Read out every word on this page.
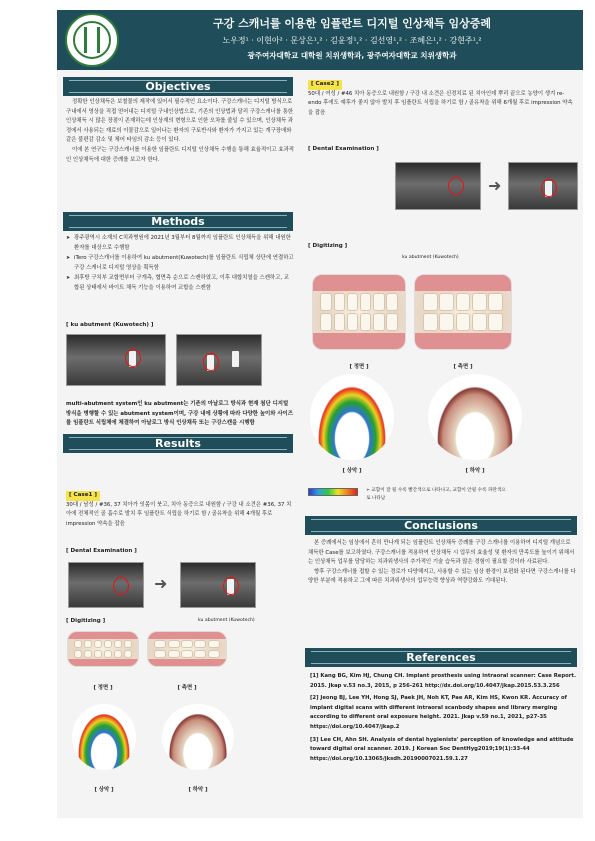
구강 스캐너를 이용한 임플란트 디지털 인상채득 임상증례
노우정¹ · 이현아² · 문상은¹,² · 김윤정¹,² · 김선영¹,² · 조혜은¹,² · 강현주¹,²
광주여자대학교 대학원 치위생학과, 광주여자대학교 치위생학과
Objectives

정확한 인상채득은 보철물의 제작에 있어서 필수적인 요소이다. 구강스캐너는 디지털 방식으로 구내에서 영상을 직접 얻어내는 디지털 구내인상법으로, 기존의 인상법과 달리 구강스캐너를 통한 인상채득 시 많은 장점이 존재하는데 인상재의 변형으로 인한 오차를 줄일 수 있으며, 인상채득 과정에서 사용되는 재료의 이물감으로 일어나는 환자의 구토반사와 환자가 가지고 있는 개구장애와 같은 불편감 감소 및 체어 타임의 감소 등이 있다.

이에 본 연구는 구강스캐너를 이용한 임플란트 디지털 인상채득 수행을 통해 효율적이고 효과적인 인상채득에 대한 증례를 보고자 한다.

Methods
➤ 광주광역시 소재의 C치과병원에 2021년 3월부터 8월까지 임플란트 인상채득을 위해 내원한 환자를 대상으로 수행함
➤ iTero 구강스캐너를 이용하여 ku abutment(Kuwotech)를 임플란트 식립체 상단에 연결하고 구강 스캐너로 디지털 영상을 획득함
➤ 최후방 구치부 교합면부터 구개측, 협면측 순으로 스캔하였고, 이후 대합치열을 스캔하고, 교합된 상태에서 바이트 채득 기능을 이용하여 교합을 스캔함
[ ku abutment (Kuwotech) ]
multi-abutment system인 ku abutment는 기존의 아날로그 방식과 현재 첨단 디지털 방식을 병행할 수 있는 abutment system이며, 구강 내에 상황에 따라 다양한 높이와 사이즈를 임플란트 식립체에 체결하여 아날로그 방식 인상채득 또는 구강스캔을 시행함
Results
[ Case1 ]
30대 / 남성 / #36, 37 치아가 잇몸이 붓고, 치아 동증으로 내원함 / 구강 내 소견은 #36, 37 치아에 전체적인 골 흡수로 발치 후 임플란트 식립을 하기로 함 / 골유착을 위해 4개월 후로 impression 약속을 잡음
[ Dental Examination ]
➜
[ Digitizing ]	ku abutment (Kuwotech)
[ 정면 ]	[ 측면 ]
[ 상악 ]	[ 하악 ]
[ Case2 ]
50대 / 여성 / #46 치아 동증으로 내원함 / 구강 내 소견은 신경치료 된 치아인데 뿌리 끝으로 농양이 생겨 re-endo 후에도 예후가 좋지 않아 발치 후 임플란트 식립을 하기로 함 / 골유착을 위해 6개월 후로 impression 약속을 잡음
[ Dental Examination ]
➜
[ Digitizing ]
ku abutment (Kuwotech)
[ 정면 ]	[ 측면 ]
[ 상악 ]	[ 하악 ]
➢ 교합이 잘 될 수록 빨간색으로 나타나고, 교합이 안될 수록 파란색으로 나타남
Conclusions

본 증례에서는 임상에서 흔히 만나게 되는 임플란트 인상채득 증례를 구강 스캐너를 이용하여 디지털 개념으로 채득한 Case를 보고하였다. 구강스캐너를 적용하여 인상채득 시 업무의 효율성 및 환자의 만족도를 높이기 위해서는 인상채득 업무를 담당하는 치과위생사의 추가적인 기술 습득과 많은 경험이 필요할 것이라 사료된다.

향후 구강스캐너를 접할 수 있는 경로가 다양해지고, 사용할 수 있는 임상 환경이 보편화 된다면 구강스캐너를 다양한 부분에 적용하고 그에 따른 치과위생사의 업무능력 향상과 역량강화도 기대된다.

References

[1] Kang BG, Kim HJ, Chung CH. Implant prosthesis using intraoral scanner: Case Report. 2015. Jkap v.53 no.3, 2015, p 256-261 http://dx.doi.org/10.4047/jkap.2015.53.3.256

[2] Jeong BJ, Lee YH, Hong SJ, Paek JH, Noh KT, Pae AR, Kim HS, Kwon KR. Accuracy of implant digital scans with different intraoral scanbody shapes and library merging according to different oral exposure height. 2021. Jkap v.59 no.1, 2021, p27-35 https://doi.org/10.4047/jkap.2

[3] Lee CH, Ahn SH. Analysis of dental hygienists' perception of knowledge and attitude toward digital oral scanner. 2019. J Korean Soc DentHyg2019;19(1):33-44 https://doi.org/10.13065/jksdh.20190007021.59.1.27
